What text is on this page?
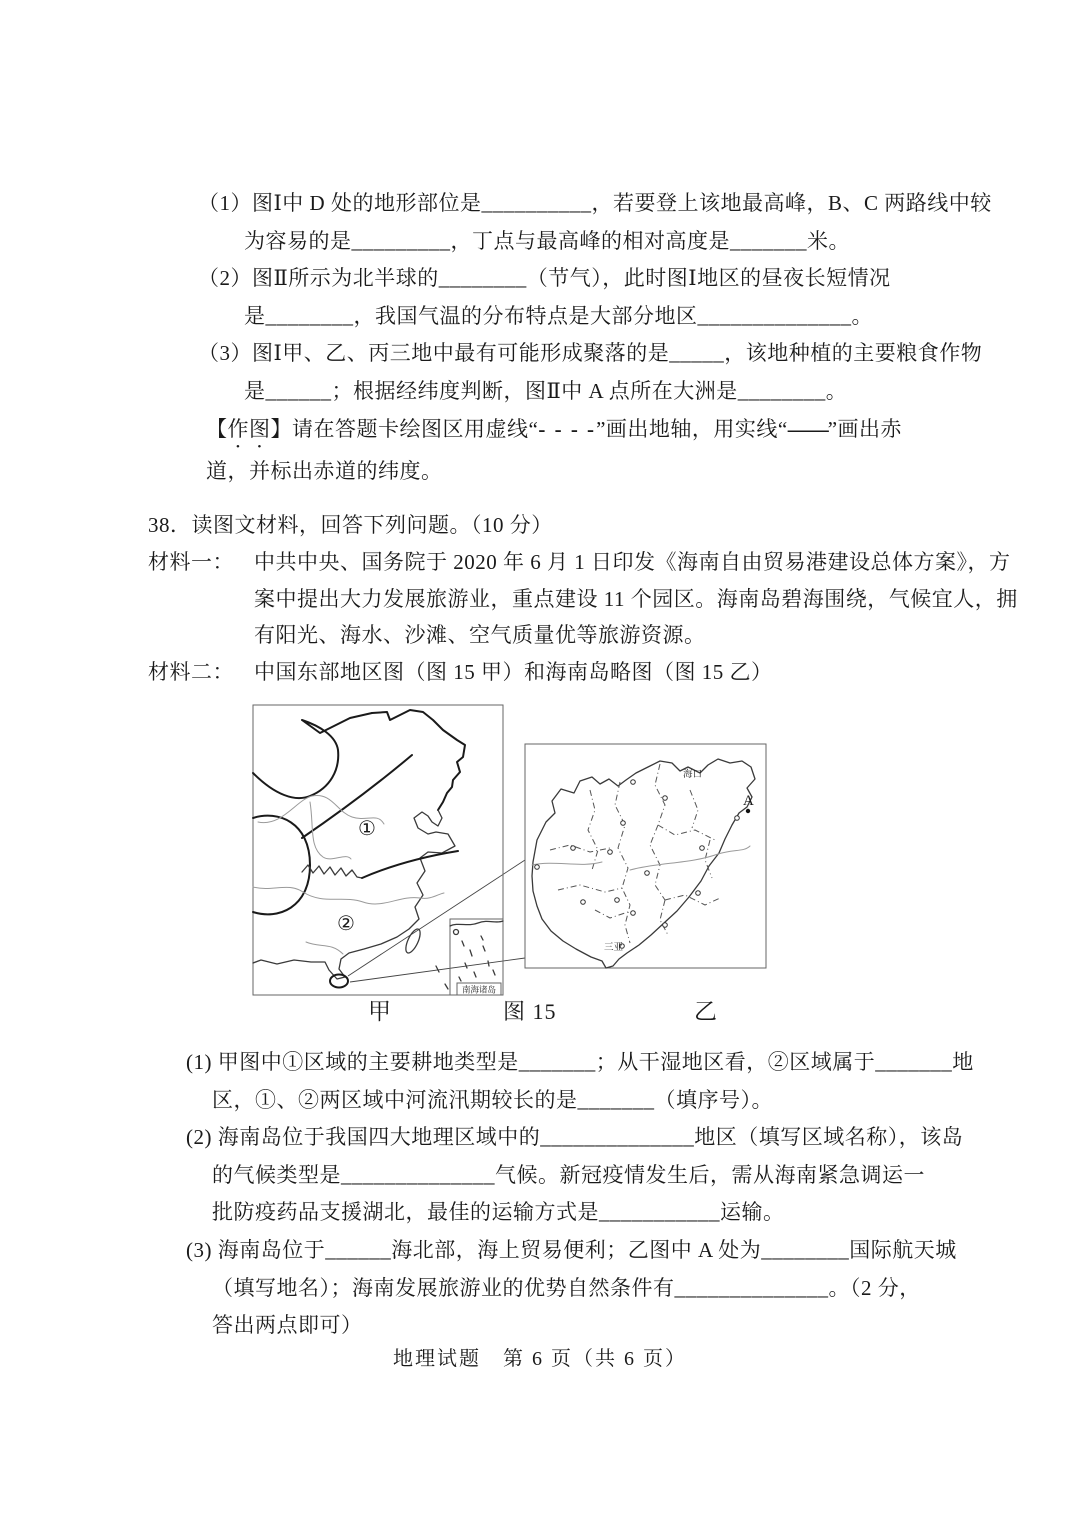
（1）图Ⅰ中 D 处的地形部位是__________，若要登上该地最高峰，B、C 两路线中较
为容易的是_________，丁点与最高峰的相对高度是_______米。
（2）图Ⅱ所示为北半球的________（节气），此时图Ⅰ地区的昼夜长短情况
是________，我国气温的分布特点是大部分地区______________。
（3）图Ⅰ甲、乙、丙三地中最有可能形成聚落的是_____，该地种植的主要粮食作物
是______；根据经纬度判断，图Ⅱ中 A 点所在大洲是________。
【作图】请在答题卡绘图区用虚线“- - - -”画出地轴，用实线“——”画出赤
道，并标出赤道的纬度。
38．读图文材料，回答下列问题。（10 分）
材料一： 中共中央、国务院于 2020 年 6 月 1 日印发《海南自由贸易港建设总体方案》，方
案中提出大力发展旅游业，重点建设 11 个园区。海南岛碧海围绕，气候宜人，拥
有阳光、海水、沙滩、空气质量优等旅游资源。
材料二： 中国东部地区图（图 15 甲）和海南岛略图（图 15 乙）
①
②
南海诸岛
海口
三亚
A
甲	图 15	乙
(1) 甲图中①区域的主要耕地类型是_______；从干湿地区看，②区域属于_______地
区，①、②两区域中河流汛期较长的是_______（填序号）。
(2) 海南岛位于我国四大地理区域中的______________地区（填写区域名称），该岛
的气候类型是______________气候。新冠疫情发生后，需从海南紧急调运一
批防疫药品支援湖北，最佳的运输方式是___________运输。
(3) 海南岛位于______海北部，海上贸易便利；乙图中 A 处为________国际航天城
（填写地名）；海南发展旅游业的优势自然条件有______________。（2 分，
答出两点即可）
地理试题　第 6 页（共 6 页）
